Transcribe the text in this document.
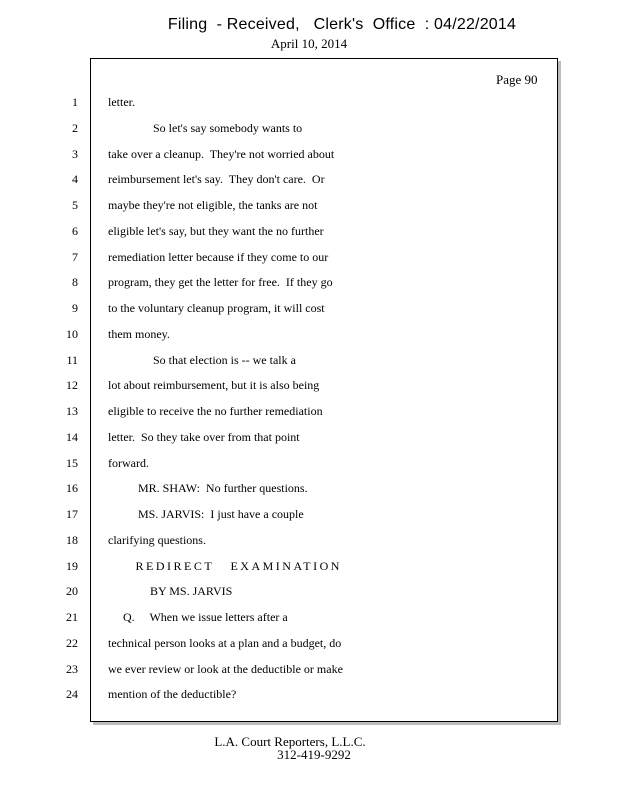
Filing  - Received,   Clerk's  Office  : 04/22/2014
April 10, 2014
Page 90
1	letter.
2	So let's say somebody wants to
3	take over a cleanup.  They're not worried about
4	reimbursement let's say.  They don't care.  Or
5	maybe they're not eligible, the tanks are not
6	eligible let's say, but they want the no further
7	remediation letter because if they come to our
8	program, they get the letter for free.  If they go
9	to the voluntary cleanup program, it will cost
10	them money.
11	So that election is -- we talk a
12	lot about reimbursement, but it is also being
13	eligible to receive the no further remediation
14	letter.  So they take over from that point
15	forward.
16	MR. SHAW:  No further questions.
17	MS. JARVIS:  I just have a couple
18	clarifying questions.
19	REDIRECT   EXAMINATION
20	BY MS. JARVIS
21	Q.     When we issue letters after a
22	technical person looks at a plan and a budget, do
23	we ever review or look at the deductible or make
24	mention of the deductible?
L.A. Court Reporters, L.L.C.
312-419-9292
